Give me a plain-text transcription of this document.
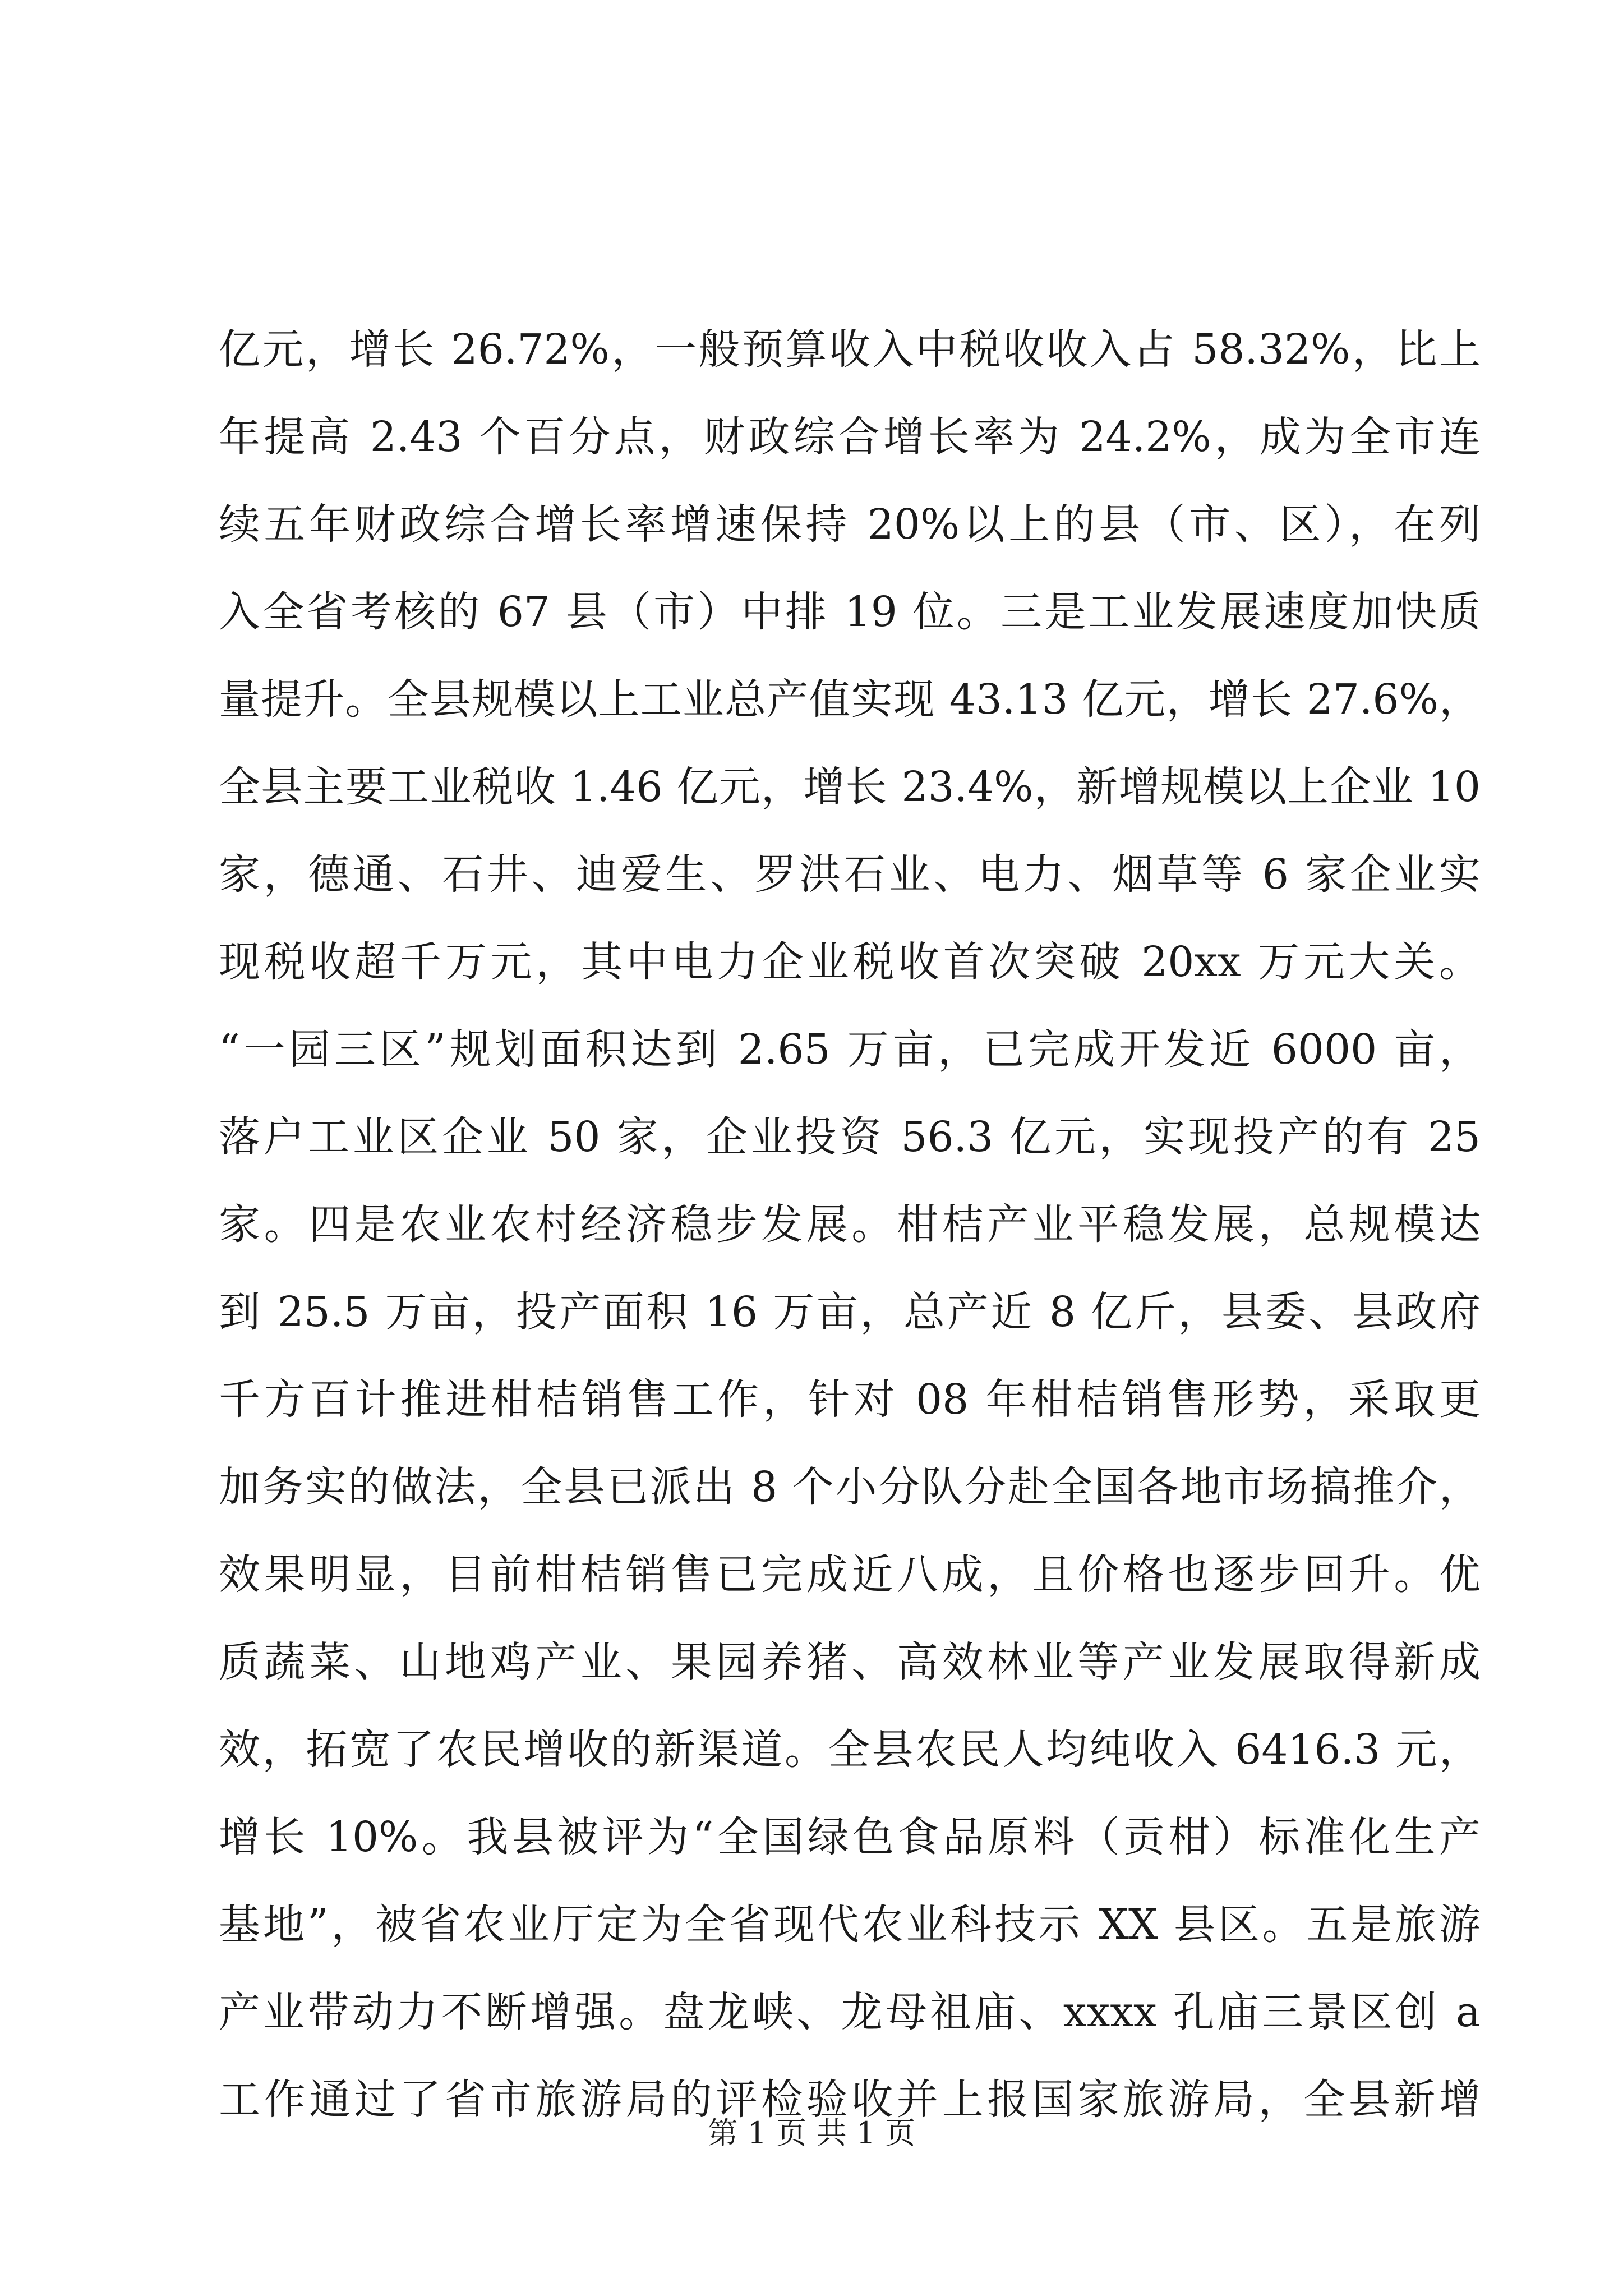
亿元，增长 26.72%，一般预算收入中税收收入占 58.32%，比上
年提高 2.43 个百分点，财政综合增长率为 24.2%，成为全市连
续五年财政综合增长率增速保持 20%以上的县（市、区），在列
入全省考核的 67 县（市）中排 19 位。三是工业发展速度加快质
量提升。全县规模以上工业总产值实现 43.13 亿元，增长 27.6%，
全县主要工业税收 1.46 亿元，增长 23.4%，新增规模以上企业 10
家，德通、石井、迪爱生、罗洪石业、电力、烟草等 6 家企业实
现税收超千万元，其中电力企业税收首次突破 20xx 万元大关。
“一园三区”规划面积达到 2.65 万亩，已完成开发近 6000 亩，
落户工业区企业 50 家，企业投资 56.3 亿元，实现投产的有 25
家。四是农业农村经济稳步发展。柑桔产业平稳发展，总规模达
到 25.5 万亩，投产面积 16 万亩，总产近 8 亿斤，县委、县政府
千方百计推进柑桔销售工作，针对 08 年柑桔销售形势，采取更
加务实的做法，全县已派出 8 个小分队分赴全国各地市场搞推介，
效果明显，目前柑桔销售已完成近八成，且价格也逐步回升。优
质蔬菜、山地鸡产业、果园养猪、高效林业等产业发展取得新成
效，拓宽了农民增收的新渠道。全县农民人均纯收入 6416.3 元，
增长 10%。我县被评为“全国绿色食品原料（贡柑）标准化生产
基地”，被省农业厅定为全省现代农业科技示 XX 县区。五是旅游
产业带动力不断增强。盘龙峡、龙母祖庙、xxxx 孔庙三景区创 a
工作通过了省市旅游局的评检验收并上报国家旅游局，全县新增
第 1 页 共 1 页
